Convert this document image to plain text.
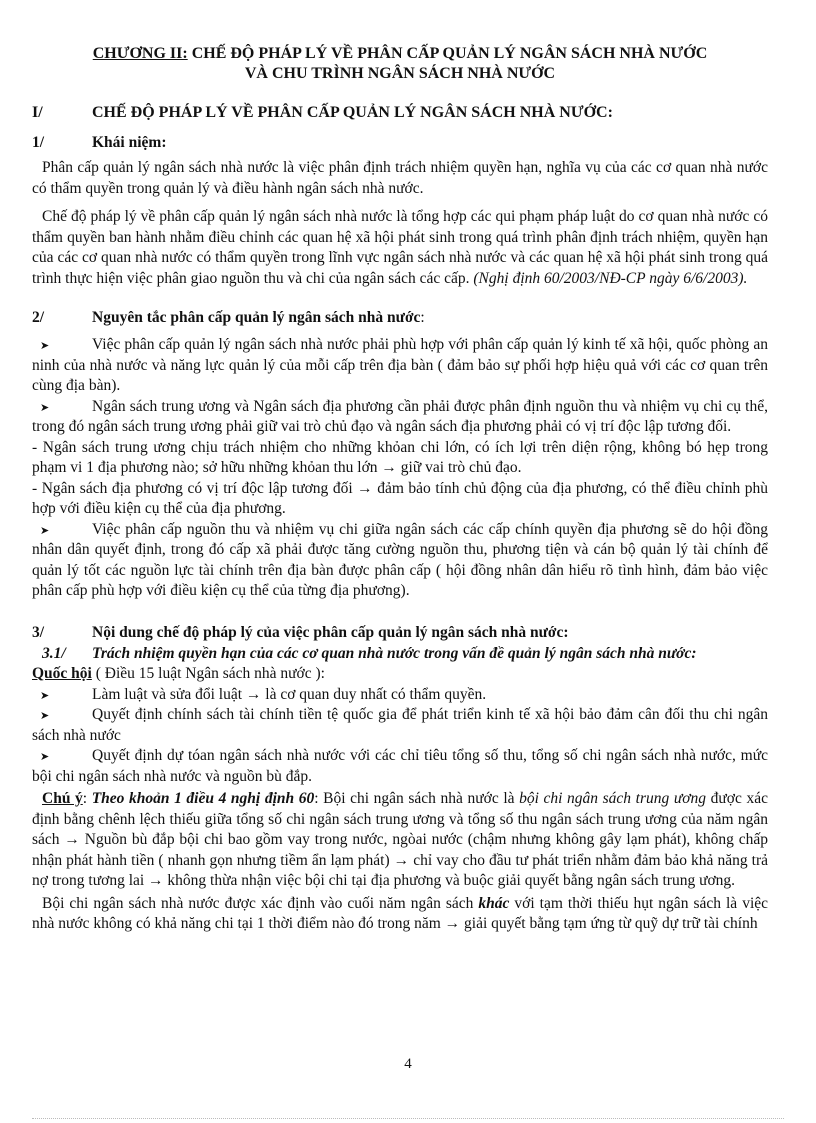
CHƯƠNG II: CHẾ ĐỘ PHÁP LÝ VỀ PHÂN CẤP QUẢN LÝ NGÂN SÁCH NHÀ NƯỚC
VÀ CHU TRÌNH NGÂN SÁCH NHÀ NƯỚC
I/	CHẾ ĐỘ PHÁP LÝ VỀ PHÂN CẤP QUẢN LÝ NGÂN SÁCH NHÀ NƯỚC:
1/	Khái niệm:

Phân cấp quản lý ngân sách nhà nước là việc phân định trách nhiệm quyền hạn, nghĩa vụ của các cơ quan nhà nước có thẩm quyền trong quản lý và điều hành ngân sách nhà nước.

Chế độ pháp lý về phân cấp quản lý ngân sách nhà nước là tổng hợp các qui phạm pháp luật do cơ quan nhà nước có thẩm quyền ban hành nhằm điều chỉnh các quan hệ xã hội phát sinh trong quá trình phân định trách nhiệm, quyền hạn của các cơ quan nhà nước có thẩm quyền trong lĩnh vực ngân sách nhà nước và các quan hệ xã hội phát sinh trong quá trình thực hiện việc phân giao nguồn thu và chi của ngân sách các cấp. (Nghị định 60/2003/NĐ-CP ngày 6/6/2003).

2/	Nguyên tắc phân cấp quản lý ngân sách nhà nước:

➤	Việc phân cấp quản lý ngân sách nhà nước phải phù hợp với phân cấp quản lý kinh tế xã hội, quốc phòng an ninh của nhà nước và năng lực quản lý của mỗi cấp trên địa bàn ( đảm bảo sự phối hợp hiệu quả với các cơ quan trên cùng địa bàn).

➤	Ngân sách trung ương và Ngân sách địa phương cần phải được phân định nguồn thu và nhiệm vụ chi cụ thể, trong đó ngân sách trung ương phải giữ vai trò chủ đạo và ngân sách địa phương phải có vị trí độc lập tương đối.

- Ngân sách trung ương chịu trách nhiệm cho những khỏan chi lớn, có ích lợi trên diện rộng, không bó hẹp trong phạm vi 1 địa phương nào; sở hữu những khỏan thu lớn → giữ vai trò chủ đạo.

- Ngân sách địa phương có vị trí độc lập tương đối → đảm bảo tính chủ động của địa phương, có thể điều chỉnh phù hợp với điều kiện cụ thể của địa phương.

➤	Việc phân cấp nguồn thu và nhiệm vụ chi giữa ngân sách các cấp chính quyền địa phương sẽ do hội đồng nhân dân quyết định, trong đó cấp xã phải được tăng cường nguồn thu, phương tiện và cán bộ quản lý tài chính để quản lý tốt các nguồn lực tài chính trên địa bàn được phân cấp ( hội đồng nhân dân hiểu rõ tình hình, đảm bảo việc phân cấp phù hợp với điều kiện cụ thể của từng địa phương).

3/	Nội dung chế độ pháp lý của việc phân cấp quản lý ngân sách nhà nước:
3.1/	Trách nhiệm quyền hạn của các cơ quan nhà nước trong vấn đề quản lý ngân sách nhà nước:

Quốc hội ( Điều 15 luật Ngân sách nhà nước ):

➤	Làm luật và sửa đổi luật → là cơ quan duy nhất có thẩm quyền.

➤	Quyết định chính sách tài chính tiền tệ quốc gia để phát triển kinh tế xã hội bảo đảm cân đối thu chi ngân sách nhà nước

➤	Quyết định dự tóan ngân sách nhà nước với các chỉ tiêu tổng số thu, tổng số chi ngân sách nhà nước, mức bội chi ngân sách nhà nước và nguồn bù đắp.

Chú ý: Theo khoản 1 điều 4 nghị định 60: Bội chi ngân sách nhà nước là bội chi ngân sách trung ương được xác định bằng chênh lệch thiếu giữa tổng số chi ngân sách trung ương và tổng số thu ngân sách trung ương của năm ngân sách → Nguồn bù đắp bội chi bao gồm vay trong nước, ngòai nước (chậm nhưng không gây lạm phát), không chấp nhận phát hành tiền ( nhanh gọn nhưng tiềm ẩn lạm phát) → chỉ vay cho đầu tư phát triển nhằm đảm bảo khả năng trả nợ trong tương lai → không thừa nhận việc bội chi tại địa phương và buộc giải quyết bằng ngân sách trung ương.

Bội chi ngân sách nhà nước được xác định vào cuối năm ngân sách khác với tạm thời thiếu hụt ngân sách là việc nhà nước không có khả năng chi tại 1 thời điểm nào đó trong năm → giải quyết bằng tạm ứng từ quỹ dự trữ tài chính

4
